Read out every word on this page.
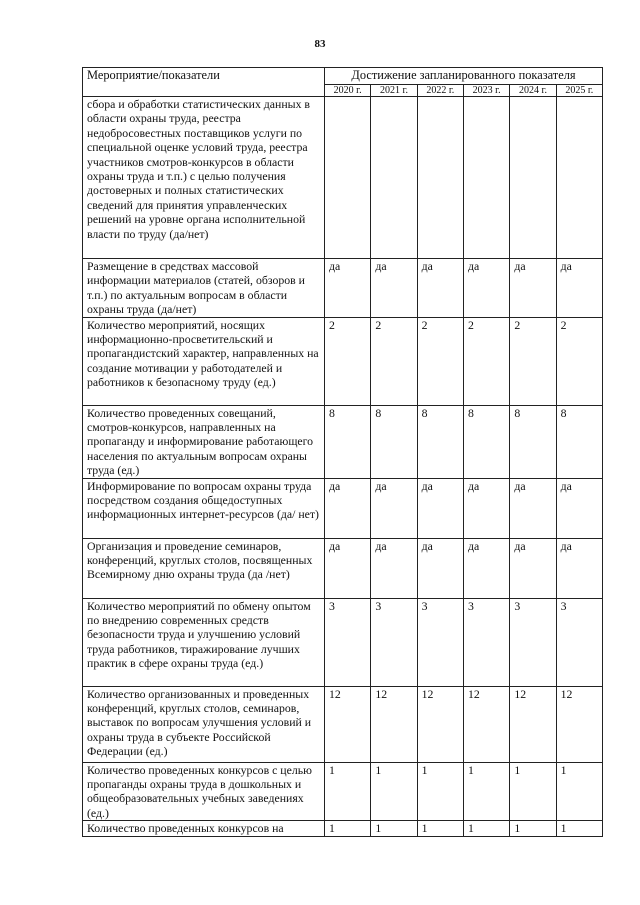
83
Мероприятие/показатели	Достижение запланированного показателя					
	2020 г.	2021 г.	2022 г.	2023 г.	2024 г.	2025 г.
сбора и обработки статистических данных в области охраны труда, реестра недобросовестных поставщиков услуги по специальной оценке условий труда, реестра участников смотров-конкурсов в области охраны труда и т.п.) с целью получения достоверных и полных статистических сведений для принятия управленческих решений на уровне органа исполнительной власти по труду (да/нет)						
Размещение в средствах массовой информации материалов (статей, обзоров и т.п.) по актуальным вопросам в области охраны труда (да/нет)	да	да	да	да	да	да
Количество мероприятий, носящих информационно-просветительский и пропагандистский характер, направленных на создание мотивации у работодателей и работников к безопасному труду (ед.)	2	2	2	2	2	2
Количество проведенных совещаний, смотров-конкурсов, направленных на пропаганду и информирование работающего населения по актуальным вопросам охраны труда (ед.)	8	8	8	8	8	8
Информирование по вопросам охраны труда посредством создания общедоступных информационных интернет-ресурсов (да/ нет)	да	да	да	да	да	да
Организация и проведение семинаров, конференций, круглых столов, посвященных Всемирному дню охраны труда (да /нет)	да	да	да	да	да	да
Количество мероприятий по обмену опытом по внедрению современных средств безопасности труда и улучшению условий труда работников, тиражирование лучших практик в сфере охраны труда (ед.)	3	3	3	3	3	3
Количество организованных и проведенных конференций, круглых столов, семинаров, выставок по вопросам улучшения условий и охраны труда в субъекте Российской Федерации (ед.)	12	12	12	12	12	12
Количество проведенных конкурсов с целью пропаганды охраны труда в дошкольных и общеобразовательных учебных заведениях (ед.)	1	1	1	1	1	1
Количество проведенных конкурсов на	1	1	1	1	1	1
